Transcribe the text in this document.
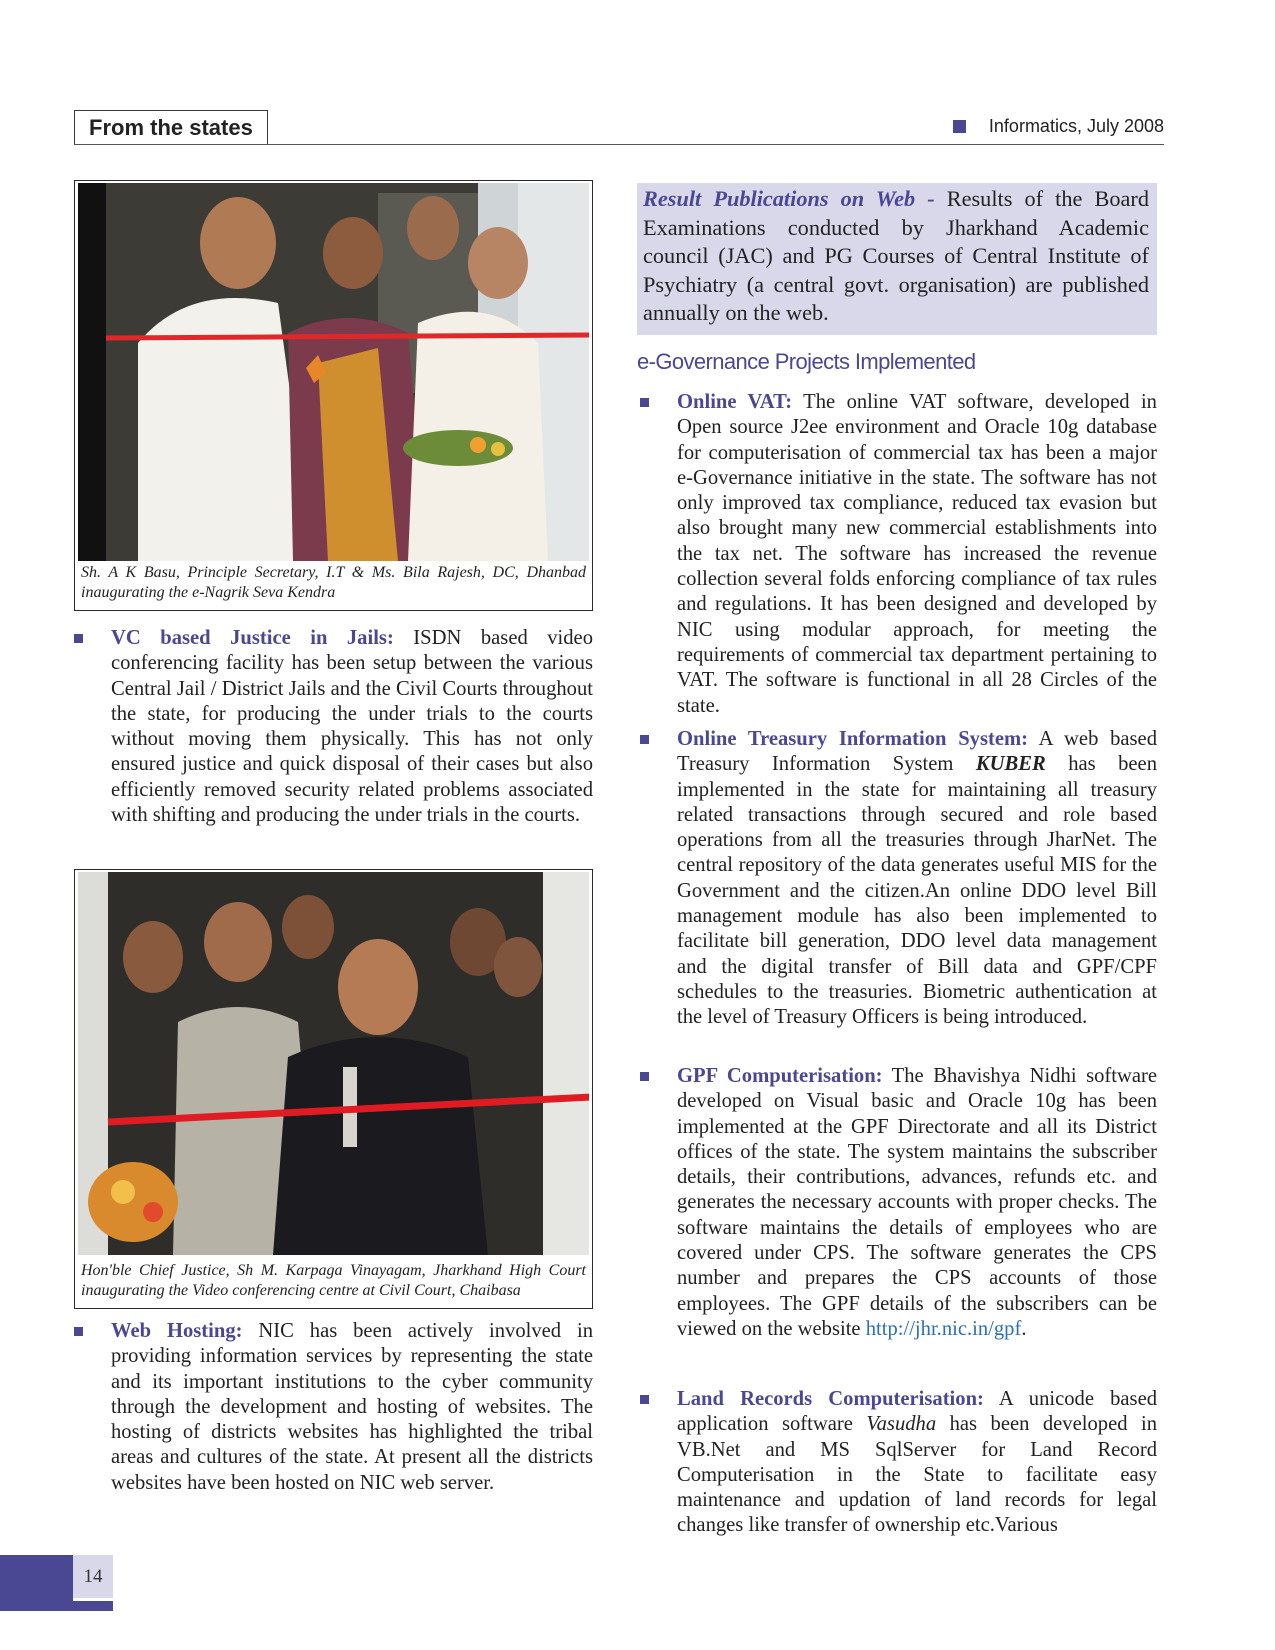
From the states	Informatics, July 2008
Sh. A K Basu, Principle Secretary, I.T & Ms. Bila Rajesh, DC, Dhanbad inaugurating the e-Nagrik Seva Kendra
VC based Justice in Jails: ISDN based video conferencing facility has been setup between the various Central Jail / District Jails and the Civil Courts throughout the state, for producing the under trials to the courts without moving them physically. This has not only ensured justice and quick disposal of their cases but also efficiently removed security related problems associated with shifting and producing the under trials in the courts.
Hon'ble Chief Justice, Sh M. Karpaga Vinayagam, Jharkhand High Court inaugurating the Video conferencing centre at Civil Court, Chaibasa
Web Hosting: NIC has been actively involved in providing information services by representing the state and its important institutions to the cyber community through the development and hosting of websites. The hosting of districts websites has highlighted the tribal areas and cultures of the state. At present all the districts websites have been hosted on NIC web server.
Result Publications on Web - Results of the Board Examinations conducted by Jharkhand Academic council (JAC) and PG Courses of Central Institute of Psychiatry (a central govt. organisation) are published annually on the web.
e-Governance Projects Implemented
Online VAT: The online VAT software, developed in Open source J2ee environment and Oracle 10g database for computerisation of commercial tax has been a major e-Governance initiative in the state. The software has not only improved tax compliance, reduced tax evasion but also brought many new commercial establishments into the tax net. The software has increased the revenue collection several folds enforcing compliance of tax rules and regulations. It has been designed and developed by NIC using modular approach, for meeting the requirements of commercial tax department pertaining to VAT. The software is functional in all 28 Circles of the state.
Online Treasury Information System: A web based Treasury Information System KUBER has been implemented in the state for maintaining all treasury related transactions through secured and role based operations from all the treasuries through JharNet. The central repository of the data generates useful MIS for the Government and the citizen.An online DDO level Bill management module has also been implemented to facilitate bill generation, DDO level data management and the digital transfer of Bill data and GPF/CPF schedules to the treasuries. Biometric authentication at the level of Treasury Officers is being introduced.
GPF Computerisation: The Bhavishya Nidhi software developed on Visual basic and Oracle 10g has been implemented at the GPF Directorate and all its District offices of the state. The system maintains the subscriber details, their contributions, advances, refunds etc. and generates the necessary accounts with proper checks. The software maintains the details of employees who are covered under CPS. The software generates the CPS number and prepares the CPS accounts of those employees. The GPF details of the subscribers can be viewed on the website http://jhr.nic.in/gpf.
Land Records Computerisation: A unicode based application software Vasudha has been developed in VB.Net and MS SqlServer for Land Record Computerisation in the State to facilitate easy maintenance and updation of land records for legal changes like transfer of ownership etc.Various
14
